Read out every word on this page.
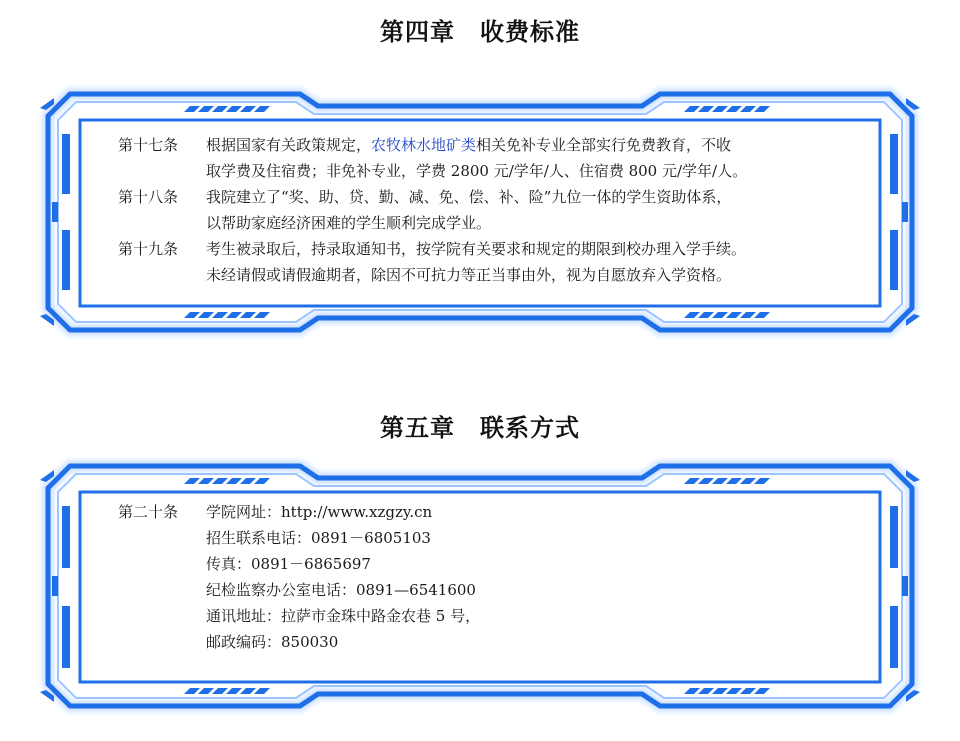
第四章　收费标准
第十七条	根据国家有关政策规定，农牧林水地矿类相关免补专业全部实行免费教育，不收
取学费及住宿费；非免补专业，学费 2800 元/学年/人、住宿费 800 元/学年/人。
第十八条	我院建立了“奖、助、贷、勤、减、免、偿、补、险”九位一体的学生资助体系，
以帮助家庭经济困难的学生顺利完成学业。
第十九条	考生被录取后，持录取通知书，按学院有关要求和规定的期限到校办理入学手续。
未经请假或请假逾期者，除因不可抗力等正当事由外，视为自愿放弃入学资格。
第五章　联系方式
第二十条	学院网址：http://www.xzgzy.cn
招生联系电话：0891－6805103
传真：0891－6865697
纪检监察办公室电话：0891—6541600
通讯地址：拉萨市金珠中路金农巷 5 号，
邮政编码：850030
